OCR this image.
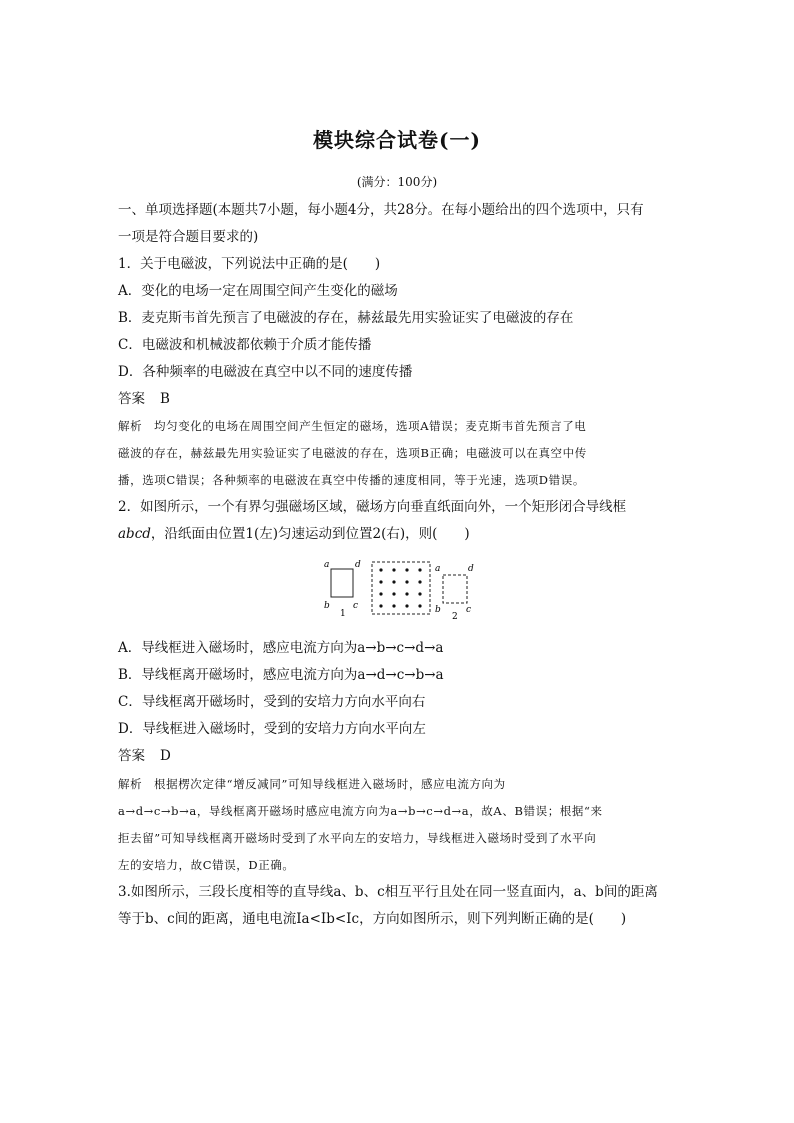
模块综合试卷(一)
(满分：100分)
一、单项选择题(本题共7小题，每小题4分，共28分。在每小题给出的四个选项中，只有
一项是符合题目要求的)
1．关于电磁波，下列说法中正确的是(　　)
A．变化的电场一定在周围空间产生变化的磁场
B．麦克斯韦首先预言了电磁波的存在，赫兹最先用实验证实了电磁波的存在
C．电磁波和机械波都依赖于介质才能传播
D．各种频率的电磁波在真空中以不同的速度传播
答案 B
解析 均匀变化的电场在周围空间产生恒定的磁场，选项A错误；麦克斯韦首先预言了电
磁波的存在，赫兹最先用实验证实了电磁波的存在，选项B正确；电磁波可以在真空中传
播，选项C错误；各种频率的电磁波在真空中传播的速度相同，等于光速，选项D错误。
2．如图所示，一个有界匀强磁场区域，磁场方向垂直纸面向外，一个矩形闭合导线框
abcd，沿纸面由位置1(左)匀速运动到位置2(右)，则(　　)
a	d
b	c
1
a	d
b	c
2
A．导线框进入磁场时，感应电流方向为a→b→c→d→a
B．导线框离开磁场时，感应电流方向为a→d→c→b→a
C．导线框离开磁场时，受到的安培力方向水平向右
D．导线框进入磁场时，受到的安培力方向水平向左
答案 D
解析 根据楞次定律“增反减同”可知导线框进入磁场时，感应电流方向为
a→d→c→b→a，导线框离开磁场时感应电流方向为a→b→c→d→a，故A、B错误；根据“来
拒去留”可知导线框离开磁场时受到了水平向左的安培力，导线框进入磁场时受到了水平向
左的安培力，故C错误，D正确。
3.如图所示，三段长度相等的直导线a、b、c相互平行且处在同一竖直面内，a、b间的距离
等于b、c间的距离，通电电流Ia<Ib<Ic，方向如图所示，则下列判断正确的是(　　)
